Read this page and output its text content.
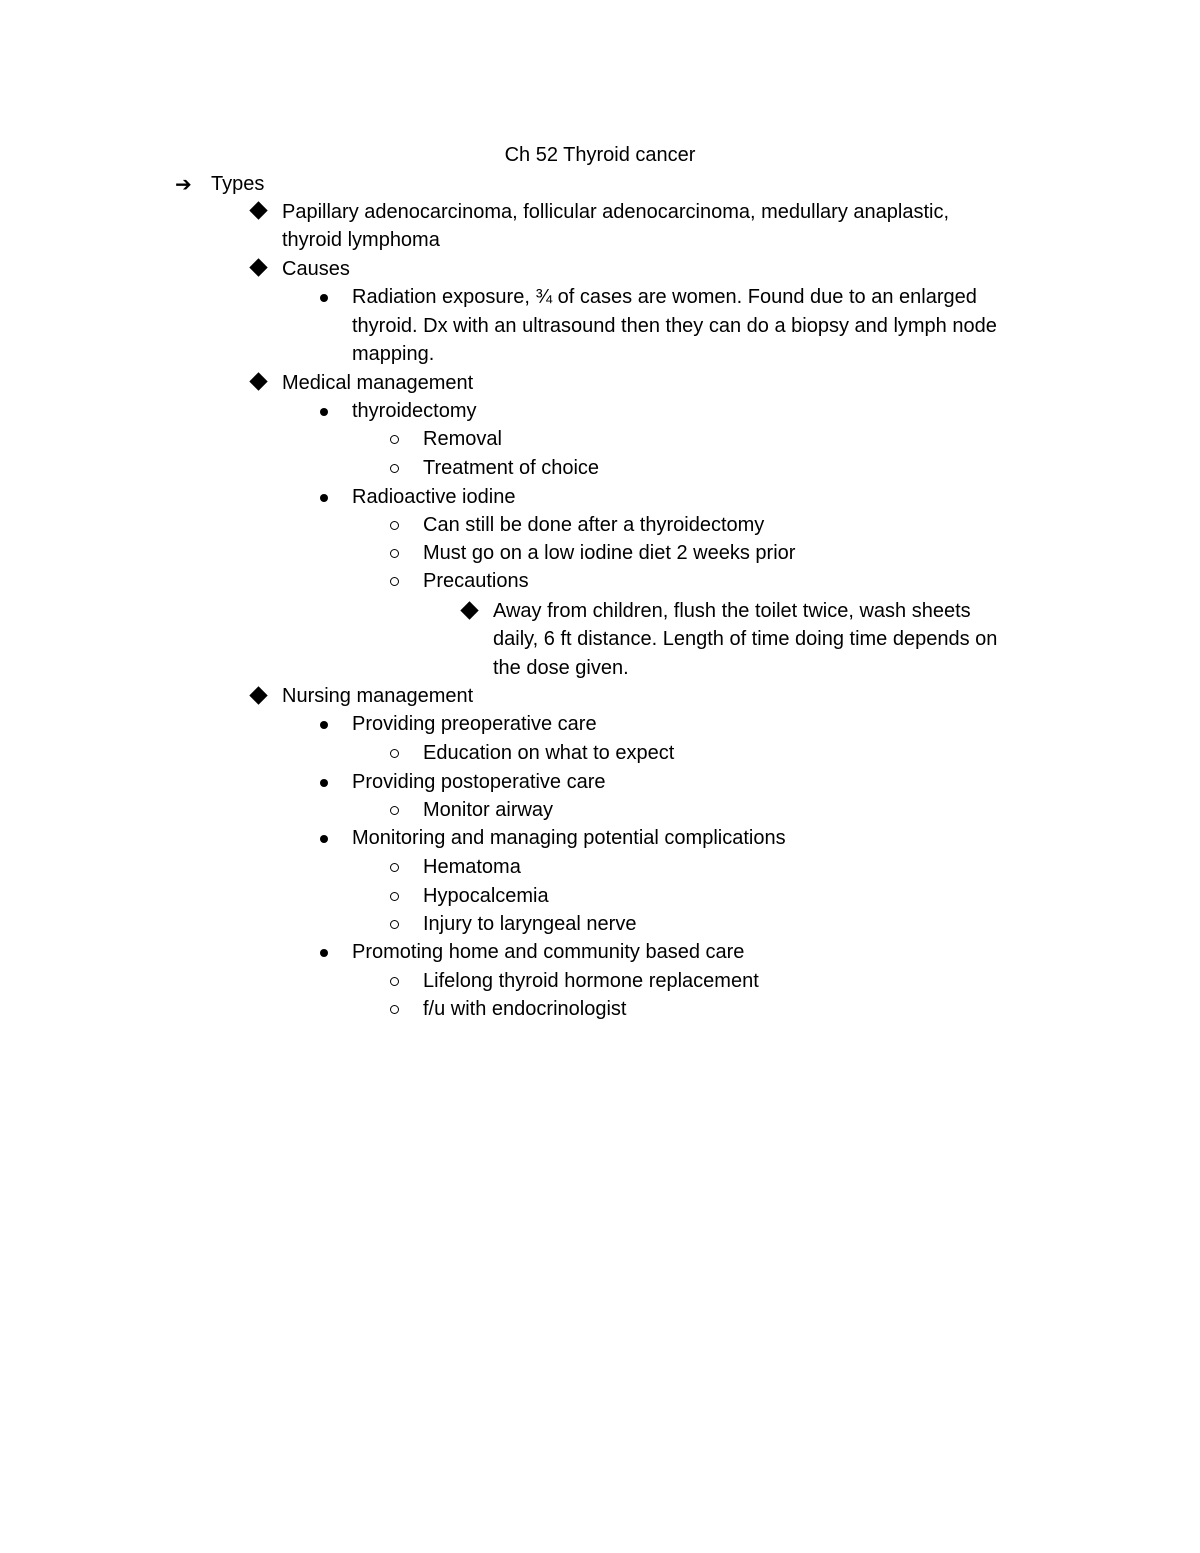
Ch 52 Thyroid cancer
➔ Types
Papillary adenocarcinoma, follicular adenocarcinoma, medullary anaplastic,
thyroid lymphoma
Causes
Radiation exposure, ¾ of cases are women. Found due to an enlarged
thyroid. Dx with an ultrasound then they can do a biopsy and lymph node
mapping.
Medical management
thyroidectomy
Removal
Treatment of choice
Radioactive iodine
Can still be done after a thyroidectomy
Must go on a low iodine diet 2 weeks prior
Precautions
Away from children, flush the toilet twice, wash sheets
daily, 6 ft distance. Length of time doing time depends on
the dose given.
Nursing management
Providing preoperative care
Education on what to expect
Providing postoperative care
Monitor airway
Monitoring and managing potential complications
Hematoma
Hypocalcemia
Injury to laryngeal nerve
Promoting home and community based care
Lifelong thyroid hormone replacement
f/u with endocrinologist
